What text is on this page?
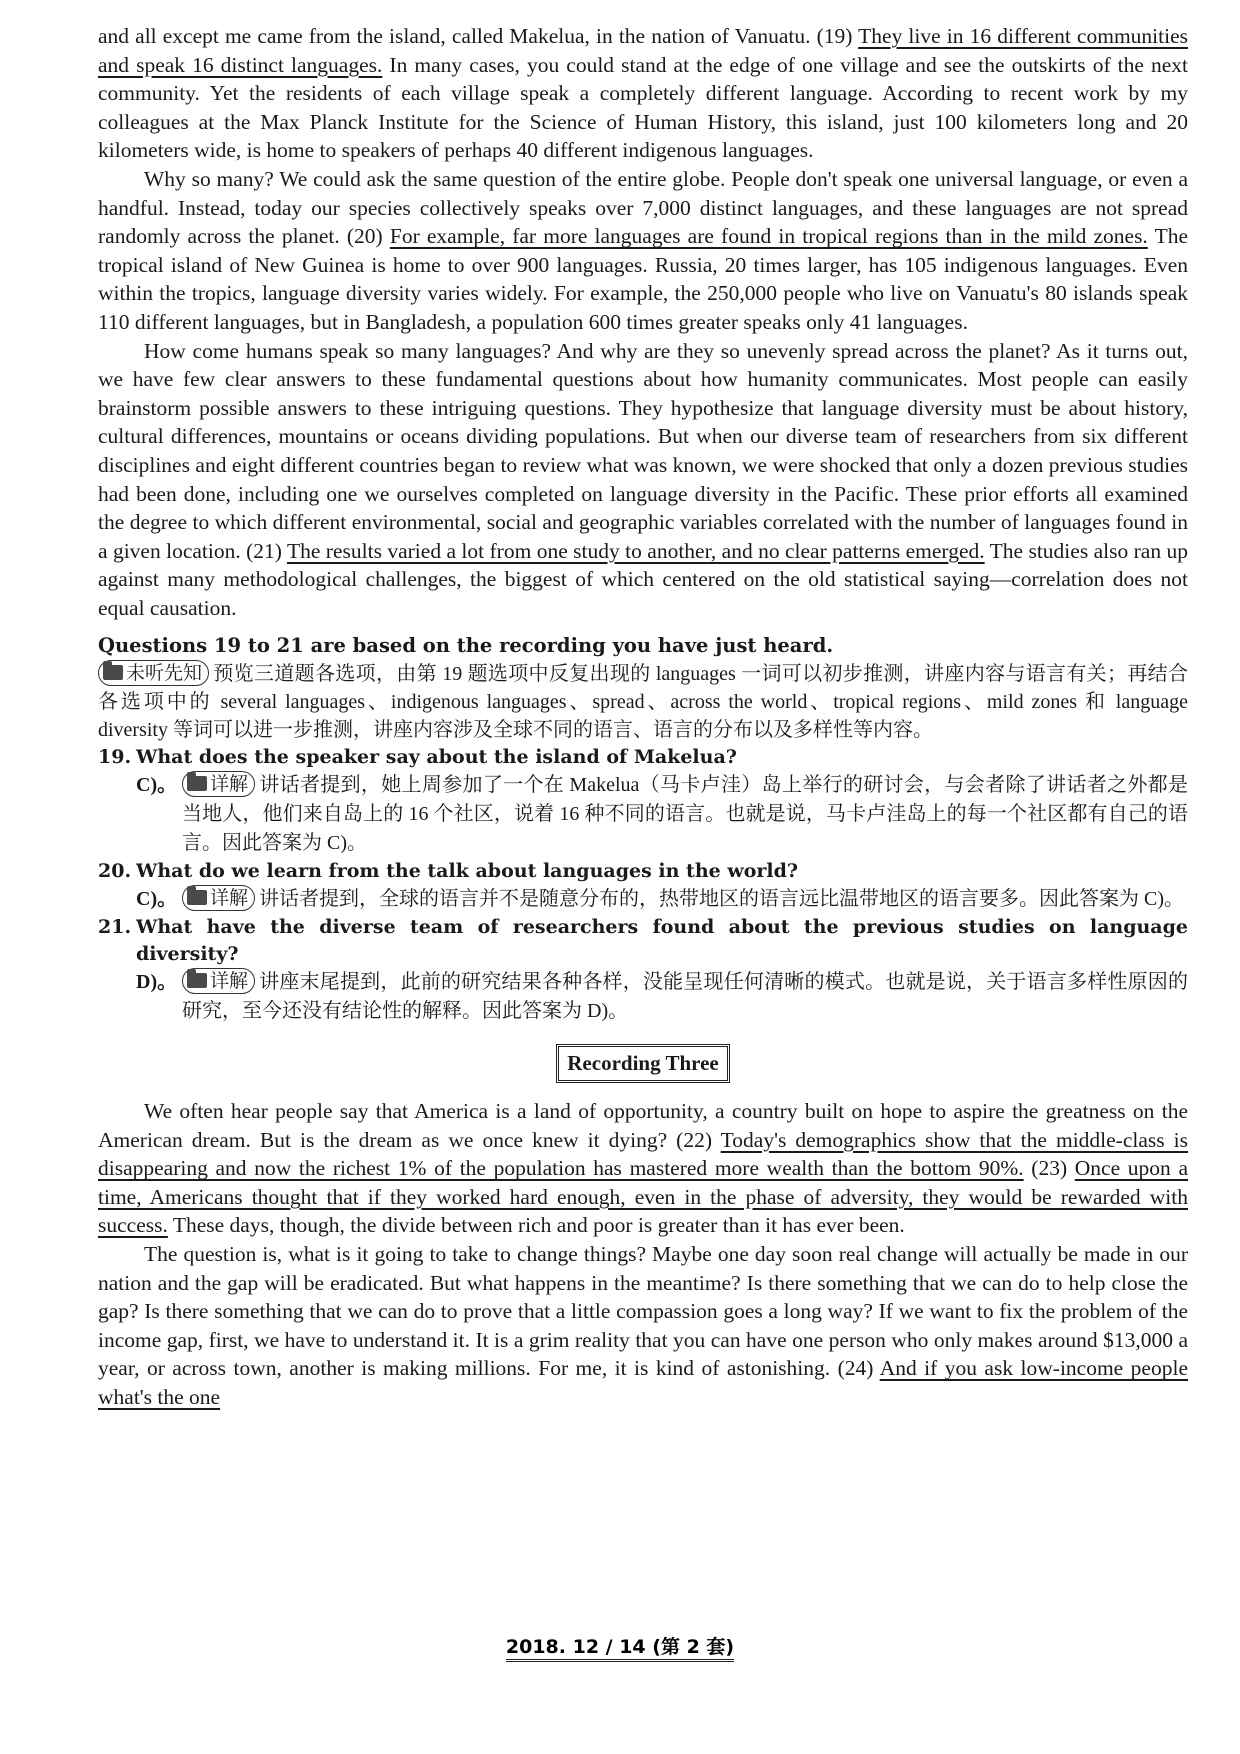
and all except me came from the island, called Makelua, in the nation of Vanuatu. (19) They live in 16 different communities and speak 16 distinct languages. In many cases, you could stand at the edge of one village and see the outskirts of the next community. Yet the residents of each village speak a completely different language. According to recent work by my colleagues at the Max Planck Institute for the Science of Human History, this island, just 100 kilometers long and 20 kilometers wide, is home to speakers of perhaps 40 different indigenous languages.

Why so many? We could ask the same question of the entire globe. People don't speak one universal language, or even a handful. Instead, today our species collectively speaks over 7,000 distinct languages, and these languages are not spread randomly across the planet. (20) For example, far more languages are found in tropical regions than in the mild zones. The tropical island of New Guinea is home to over 900 languages. Russia, 20 times larger, has 105 indigenous languages. Even within the tropics, language diversity varies widely. For example, the 250,000 people who live on Vanuatu's 80 islands speak 110 different languages, but in Bangladesh, a population 600 times greater speaks only 41 languages.

How come humans speak so many languages? And why are they so unevenly spread across the planet? As it turns out, we have few clear answers to these fundamental questions about how humanity communicates. Most people can easily brainstorm possible answers to these intriguing questions. They hypothesize that language diversity must be about history, cultural differences, mountains or oceans dividing populations. But when our diverse team of researchers from six different disciplines and eight different countries began to review what was known, we were shocked that only a dozen previous studies had been done, including one we ourselves completed on language diversity in the Pacific. These prior efforts all examined the degree to which different environmental, social and geographic variables correlated with the number of languages found in a given location. (21) The results varied a lot from one study to another, and no clear patterns emerged. The studies also ran up against many methodological challenges, the biggest of which centered on the old statistical saying—correlation does not equal causation.

Questions 19 to 21 are based on the recording you have just heard.
未听先知 预览三道题各选项，由第 19 题选项中反复出现的 languages 一词可以初步推测，讲座内容与语言有关；再结合各选项中的 several languages、indigenous languages、spread、across the world、tropical regions、mild zones 和 language diversity 等词可以进一步推测，讲座内容涉及全球不同的语言、语言的分布以及多样性等内容。
19. What does the speaker say about the island of Makelua?
C)。	详解 讲话者提到，她上周参加了一个在 Makelua（马卡卢洼）岛上举行的研讨会，与会者除了讲话者之外都是当地人，他们来自岛上的 16 个社区，说着 16 种不同的语言。也就是说，马卡卢洼岛上的每一个社区都有自己的语言。因此答案为 C)。
20. What do we learn from the talk about languages in the world?
C)。	详解 讲话者提到，全球的语言并不是随意分布的，热带地区的语言远比温带地区的语言要多。因此答案为 C)。
21. What have the diverse team of researchers found about the previous studies on language diversity?
D)。	详解 讲座末尾提到，此前的研究结果各种各样，没能呈现任何清晰的模式。也就是说，关于语言多样性原因的研究，至今还没有结论性的解释。因此答案为 D)。
Recording Three

We often hear people say that America is a land of opportunity, a country built on hope to aspire the greatness on the American dream. But is the dream as we once knew it dying? (22) Today's demographics show that the middle-class is disappearing and now the richest 1% of the population has mastered more wealth than the bottom 90%. (23) Once upon a time, Americans thought that if they worked hard enough, even in the phase of adversity, they would be rewarded with success. These days, though, the divide between rich and poor is greater than it has ever been.

The question is, what is it going to take to change things? Maybe one day soon real change will actually be made in our nation and the gap will be eradicated. But what happens in the meantime? Is there something that we can do to help close the gap? Is there something that we can do to prove that a little compassion goes a long way? If we want to fix the problem of the income gap, first, we have to understand it. It is a grim reality that you can have one person who only makes around $13,000 a year, or across town, another is making millions. For me, it is kind of astonishing. (24) And if you ask low-income people what's the one

2018. 12 / 14 (第 2 套)
